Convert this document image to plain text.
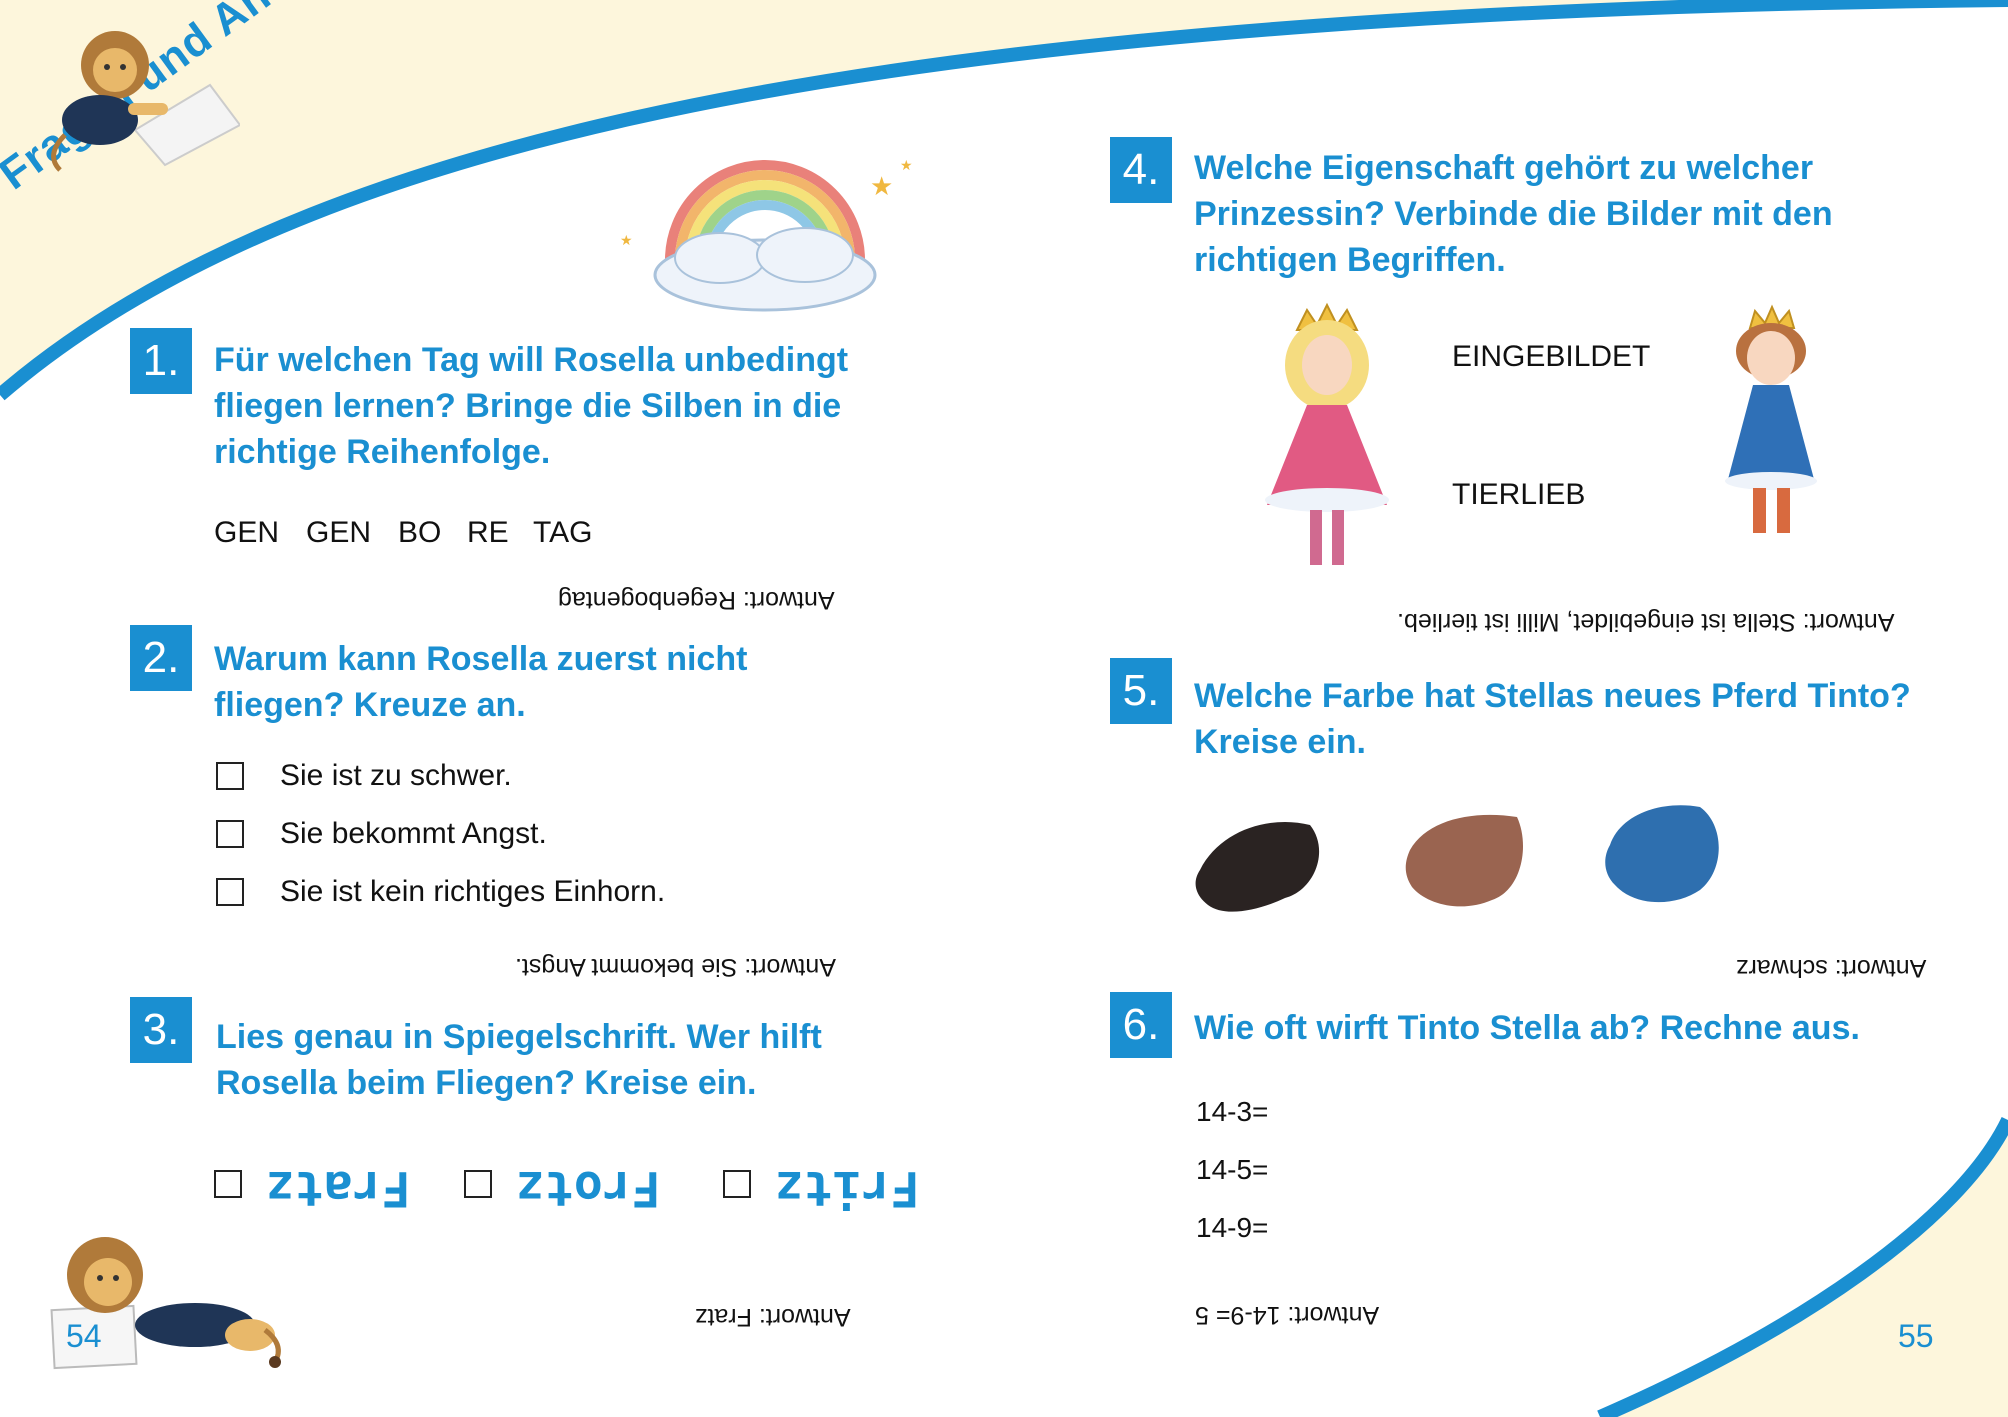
und
★
★
★
1.	Für welchen Tag will Rosella unbedingt fliegen lernen? Bringe die Silben in die richtige Reihenfolge.
GEN GEN BO RE TAG
Antwort: Regenbogentag
2.	Warum kann Rosella zuerst nicht fliegen? Kreuze an.
Sie ist zu schwer.
Sie bekommt Angst.
Sie ist kein richtiges Einhorn.
Antwort: Sie bekommt Angst.
3.	Lies genau in Spiegelschrift. Wer hilft Rosella beim Fliegen? Kreise ein.
Fratz Frotz Fritz
Antwort: Fratz
54
4.	Welche Eigenschaft gehört zu welcher Prinzessin? Verbinde die Bilder mit den richtigen Begriffen.
EINGEBILDET
TIERLIEB
Antwort: Stella ist eingebildet, Milli ist tierlieb.
5.	Welche Farbe hat Stellas neues Pferd Tinto? Kreise ein.
Antwort: schwarz
6.	Wie oft wirft Tinto Stella ab? Rechne aus.
14-3=
14-5=
14-9=
Antwort: 14-9= 5
55
